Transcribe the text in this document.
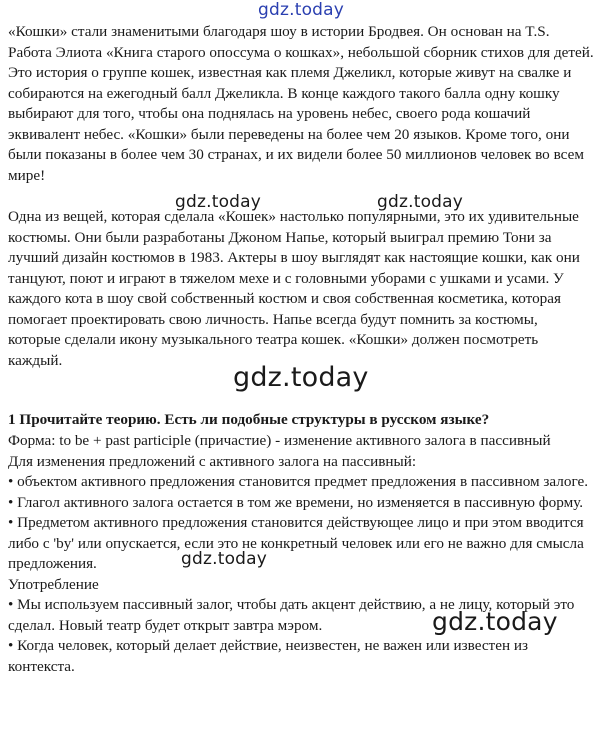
gdz.today

«Кошки» стали знаменитыми благодаря шоу в истории Бродвея. Он основан на T.S. Работа Элиота «Книга старого опоссума о кошках», небольшой сборник стихов для детей. Это история о группе кошек, известная как племя Джеликл, которые живут на свалке и собираются на ежегодный балл Джеликла. В конце каждого такого балла одну кошку выбирают для того, чтобы она поднялась на уровень небес, своего рода кошачий эквивалент небес. «Кошки» были переведены на более чем 20 языков. Кроме того, они были показаны в более чем 30 странах, и их видели более 50 миллионов человек во всем мире!

gdz.today	gdz.today

Одна из вещей, которая сделала «Кошек» настолько популярными, это их удивительные костюмы. Они были разработаны Джоном Напье, который выиграл премию Тони за лучший дизайн костюмов в 1983. Актеры в шоу выглядят как настоящие кошки, как они танцуют, поют и играют в тяжелом мехе и с головными уборами с ушками и усами. У каждого кота в шоу свой собственный костюм и своя собственная косметика, которая помогает проектировать свою личность. Напье всегда будут помнить за костюмы, которые сделали икону музыкального театра кошек. «Кошки» должен посмотреть каждый.

gdz.today

1 Прочитайте теорию. Есть ли подобные структуры в русском языке?

Форма: to be + past participle (причастие) - изменение активного залога в пассивный
Для изменения предложений с активного залога на пассивный:
• объектом активного предложения становится предмет предложения в пассивном залоге.
• Глагол активного залога остается в том же времени, но изменяется в пассивную форму.
• Предметом активного предложения становится действующее лицо и при этом вводится либо с 'by' или опускается, если это не конкретный человек или его не важно для смысла предложения.
Употребление
• Мы используем пассивный залог, чтобы дать акцент действию, а не лицу, который это сделал. Новый театр будет открыт завтра мэром.
• Когда человек, который делает действие, неизвестен, не важен или известен из контекста.
gdz.today
gdz.today
